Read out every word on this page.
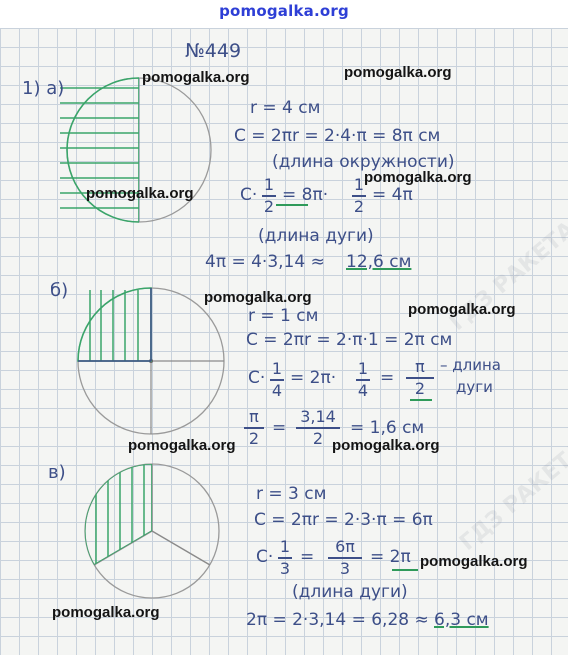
pomogalka.org
№449
1) а)
r = 4 см
C = 2πr = 2·4·π = 8π см
(длина окружности)
C·
1
2
= 8π·
1
2
= 4π
(длина дуги)
4π = 4·3,14 ≈ 12,6 см
б)
r = 1 см
C = 2πr = 2·π·1 = 2π см
C· 1
4
= 2π· 1
4
=
π
2
– длина
дуги
π
2 =
3,14
2	= 1,6 см
в)
r = 3 см
C = 2πr = 2·3·π = 6π
C·
1
3
=
6π
3
= 2π
(длина дуги)
2π = 2·3,14 = 6,28 ≈ 6,3 см
pomogalka.org	pomogalka.org
pomogalka.org
pomogalka.org
pomogalka.org
pomogalka.org
pomogalka.org	pomogalka.org
pomogalka.org
pomogalka.org
